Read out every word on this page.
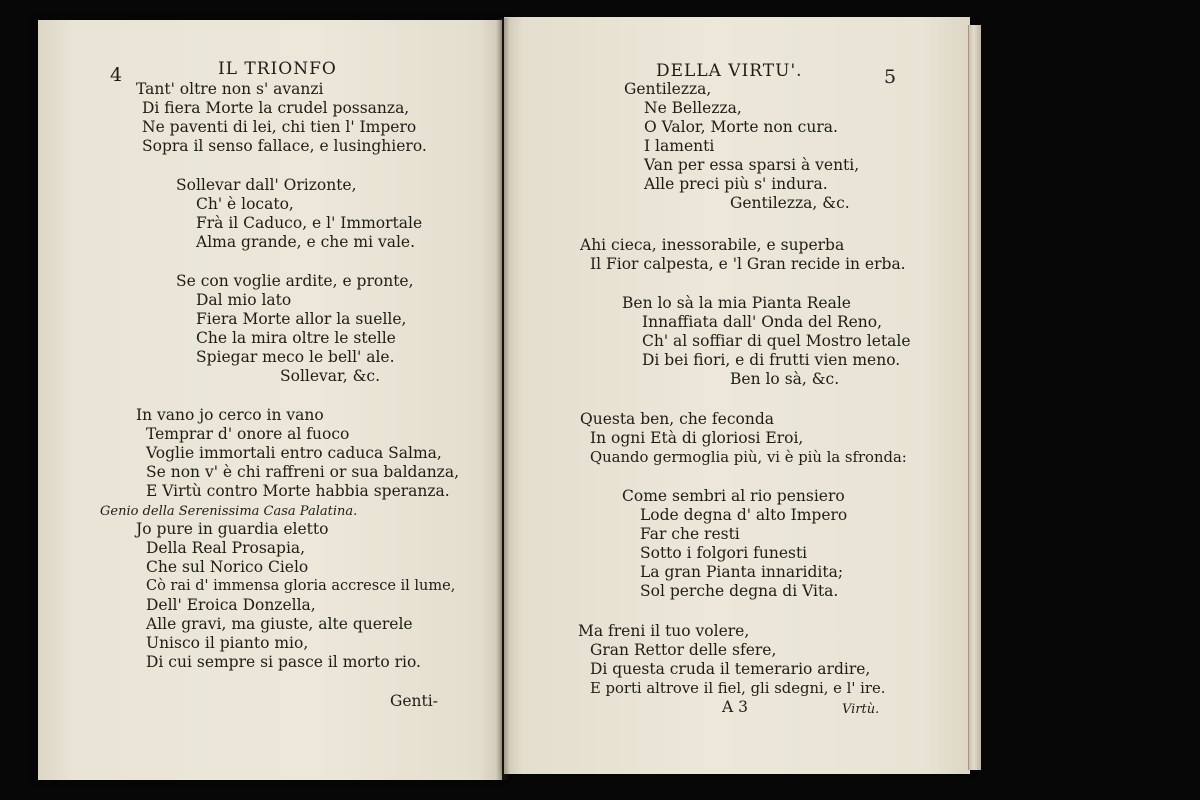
4	IL TRIONFO
Tant' oltre non s' avanzi
Di fiera Morte la crudel possanza,
Ne paventi di lei, chi tien l' Impero
Sopra il senso fallace, e lusinghiero.
Sollevar dall' Orizonte,
Ch' è locato,
Frà il Caduco, e l' Immortale
Alma grande, e che mi vale.
Se con voglie ardite, e pronte,
Dal mio lato
Fiera Morte allor la suelle,
Che la mira oltre le stelle
Spiegar meco le bell' ale.
Sollevar, &c.
In vano jo cerco in vano
Temprar d' onore al fuoco
Voglie immortali entro caduca Salma,
Se non v' è chi raffreni or sua baldanza,
E Virtù contro Morte habbia speranza.
Genio della Serenissima Casa Palatina.
Jo pure in guardia eletto
Della Real Prosapia,
Che sul Norico Cielo
Cò rai d' immensa gloria accresce il lume,
Dell' Eroica Donzella,
Alle gravi, ma giuste, alte querele
Unisco il pianto mio,
Di cui sempre si pasce il morto rio.
Genti-
DELLA VIRTU'.	5
Gentilezza,
Ne Bellezza,
O Valor, Morte non cura.
I lamenti
Van per essa sparsi à venti,
Alle preci più s' indura.
Gentilezza, &c.
Ahi cieca, inessorabile, e superba
Il Fior calpesta, e 'l Gran recide in erba.
Ben lo sà la mia Pianta Reale
Innaffiata dall' Onda del Reno,
Ch' al soffiar di quel Mostro letale
Di bei fiori, e di frutti vien meno.
Ben lo sà, &c.
Questa ben, che feconda
In ogni Età di gloriosi Eroi,
Quando germoglia più, vi è più la sfronda:
Come sembri al rio pensiero
Lode degna d' alto Impero
Far che resti
Sotto i folgori funesti
La gran Pianta innaridita;
Sol perche degna di Vita.
Ma freni il tuo volere,
Gran Rettor delle sfere,
Di questa cruda il temerario ardire,
E porti altrove il fiel, gli sdegni, e l' ire.
A 3	Virtù.
